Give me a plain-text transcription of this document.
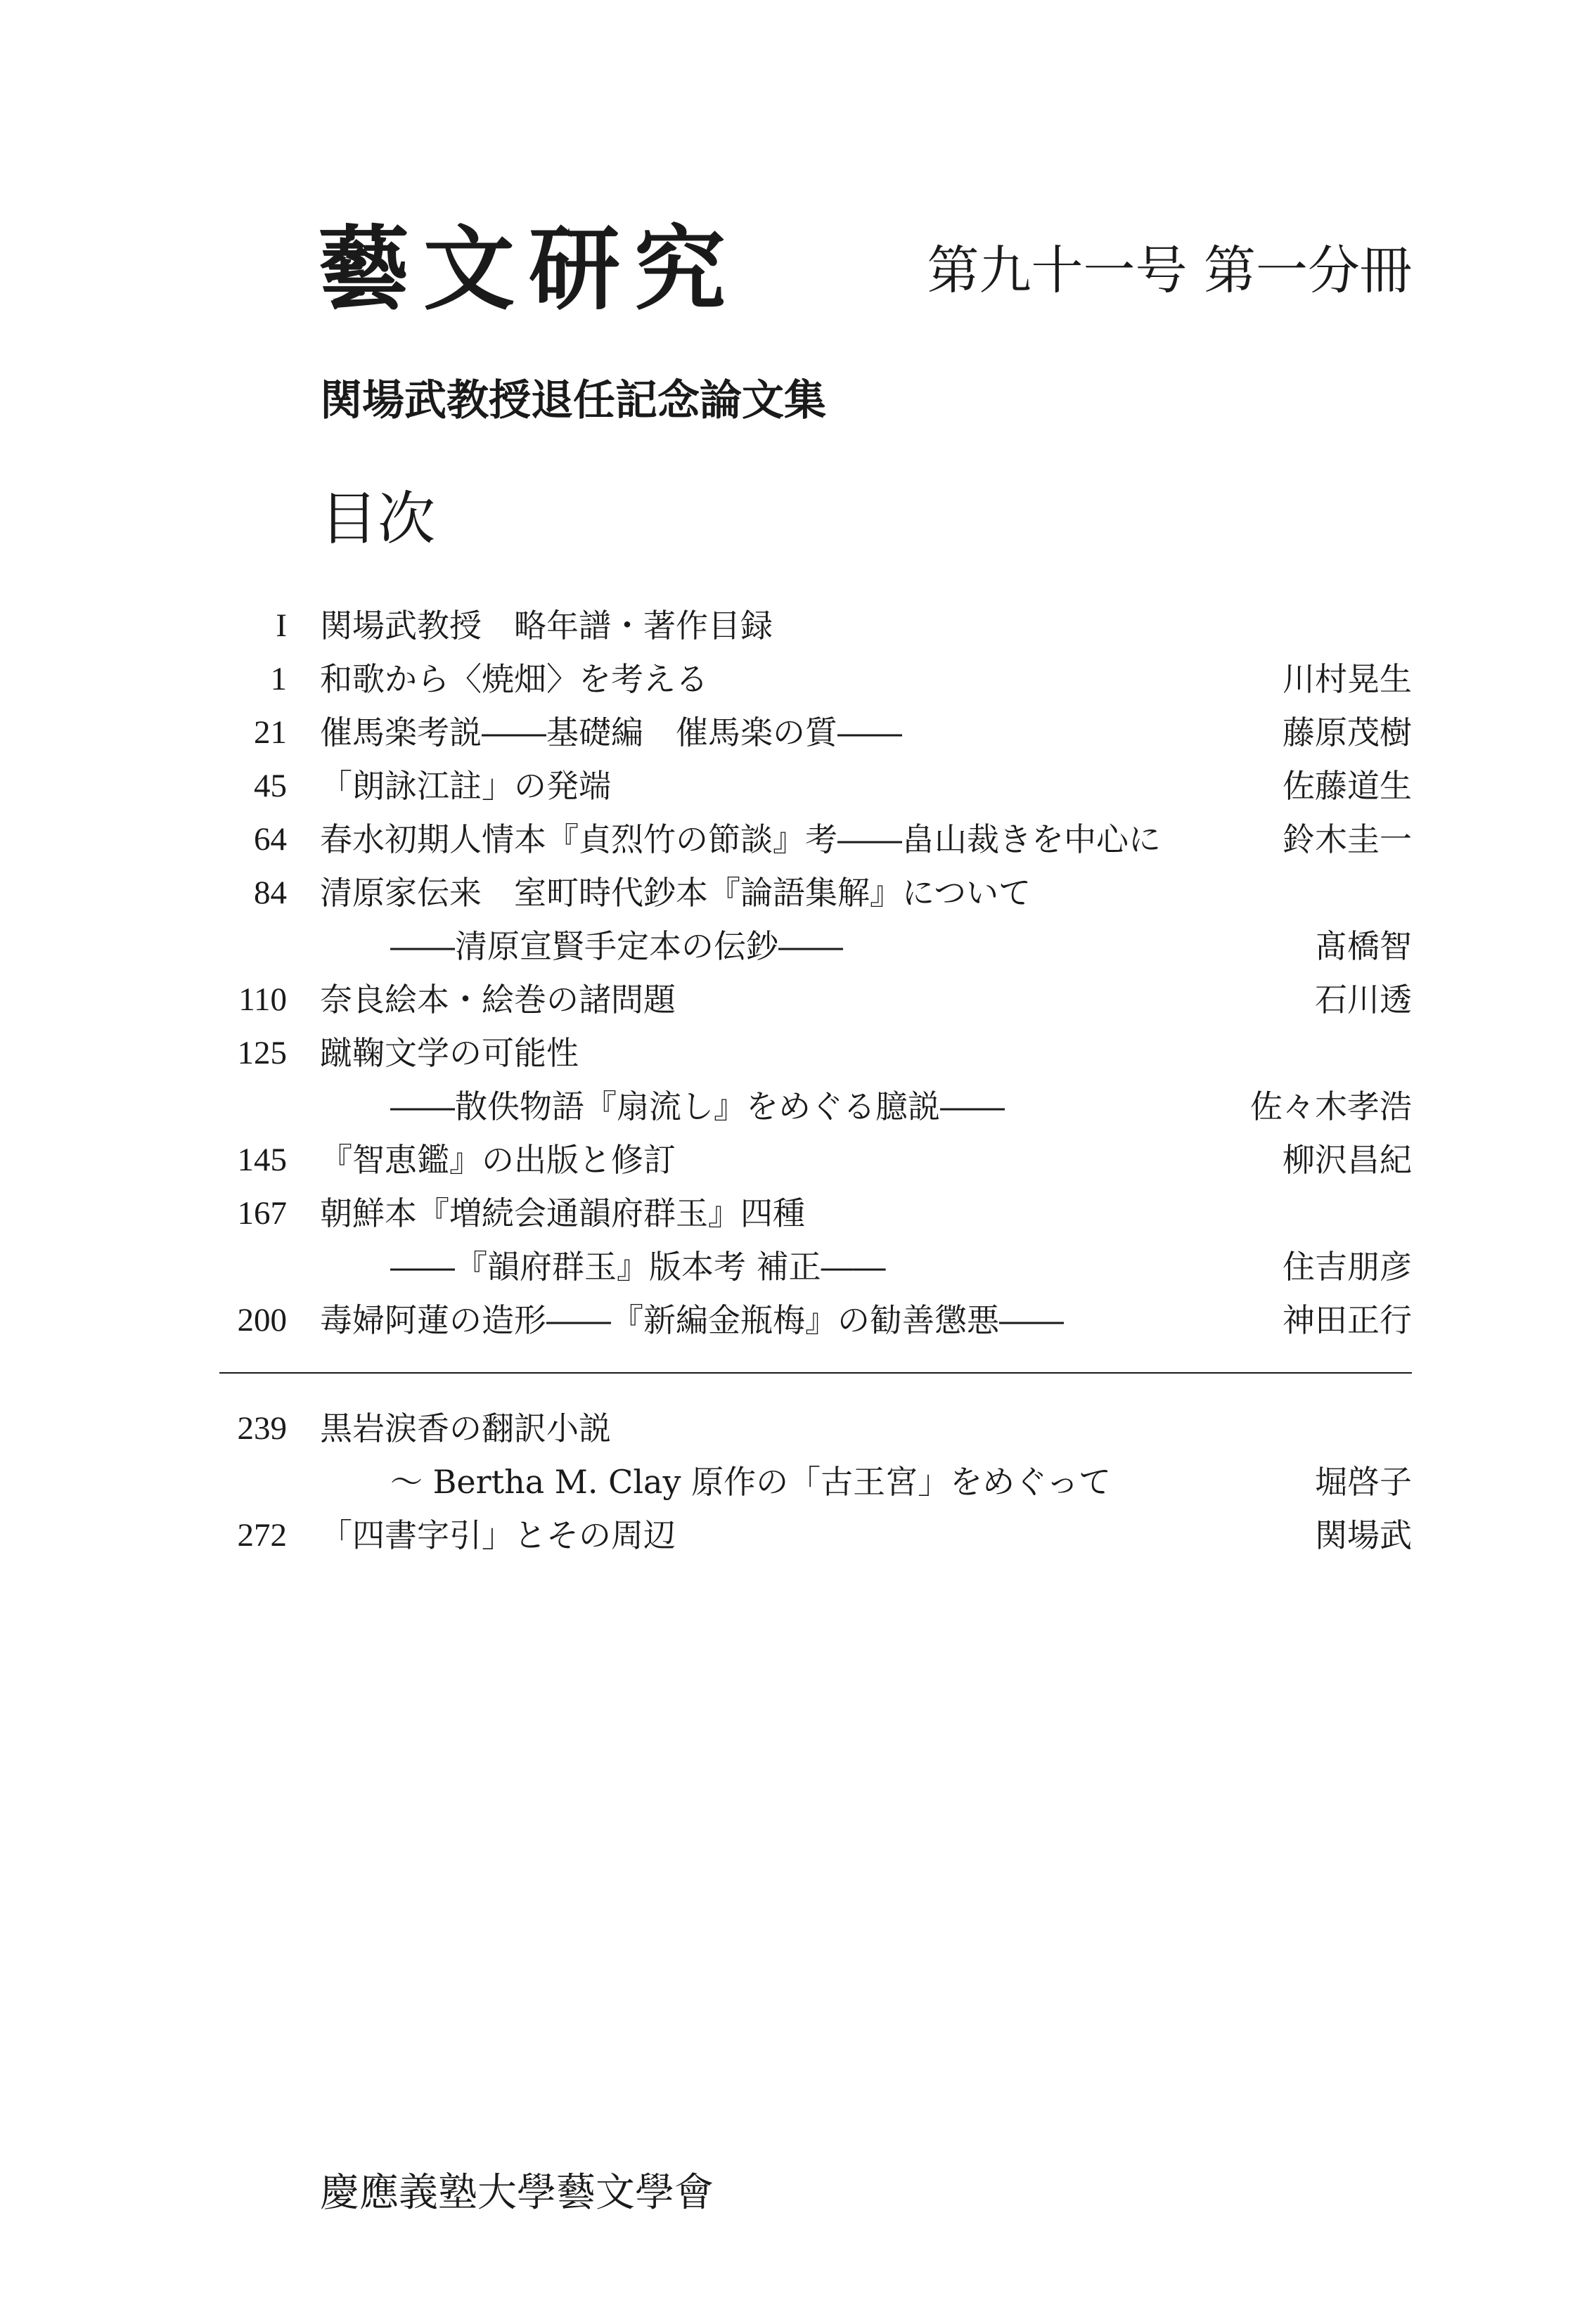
藝文研究	第九十一号 第一分冊
関場武教授退任記念論文集
目次
I 関場武教授　略年譜・著作目録
1 和歌から〈焼畑〉を考える	川村晃生
21 催馬楽考説――基礎編　催馬楽の質――	藤原茂樹
45 「朗詠江註」の発端	佐藤道生
64 春水初期人情本『貞烈竹の節談』考――畠山裁きを中心に	鈴木圭一
84 清原家伝来　室町時代鈔本『論語集解』について
――清原宣賢手定本の伝鈔――	髙橋智
110 奈良絵本・絵巻の諸問題	石川透
125 蹴鞠文学の可能性
――散佚物語『扇流し』をめぐる臆説――	佐々木孝浩
145 『智恵鑑』の出版と修訂	柳沢昌紀
167 朝鮮本『増続会通韻府群玉』四種
――『韻府群玉』版本考 補正――	住吉朋彦
200 毒婦阿蓮の造形――『新編金瓶梅』の勧善懲悪――	神田正行
239 黒岩涙香の翻訳小説
～ Bertha M. Clay 原作の「古王宮」をめぐって	堀啓子
272 「四書字引」とその周辺	関場武
慶應義塾大學藝文學會
